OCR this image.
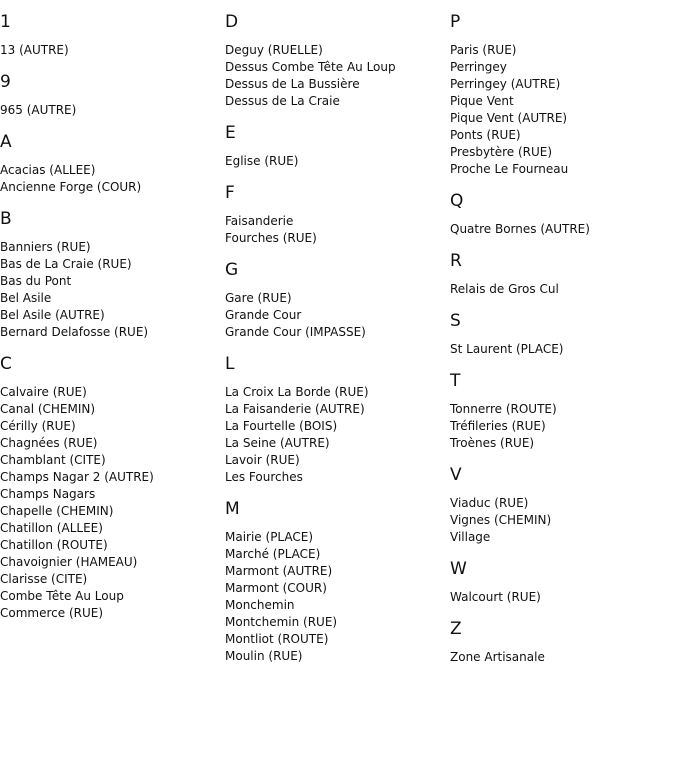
1
13 (AUTRE)
9
965 (AUTRE)
A
Acacias (ALLEE)
Ancienne Forge (COUR)
B
Banniers (RUE)
Bas de La Craie (RUE)
Bas du Pont
Bel Asile
Bel Asile (AUTRE)
Bernard Delafosse (RUE)
C
Calvaire (RUE)
Canal (CHEMIN)
Cérilly (RUE)
Chagnées (RUE)
Chamblant (CITE)
Champs Nagar 2 (AUTRE)
Champs Nagars
Chapelle (CHEMIN)
Chatillon (ALLEE)
Chatillon (ROUTE)
Chavoignier (HAMEAU)
Clarisse (CITE)
Combe Tête Au Loup
Commerce (RUE)
D
Deguy (RUELLE)
Dessus Combe Tête Au Loup
Dessus de La Bussière
Dessus de La Craie
E
Eglise (RUE)
F
Faisanderie
Fourches (RUE)
G
Gare (RUE)
Grande Cour
Grande Cour (IMPASSE)
L
La Croix La Borde (RUE)
La Faisanderie (AUTRE)
La Fourtelle (BOIS)
La Seine (AUTRE)
Lavoir (RUE)
Les Fourches
M
Mairie (PLACE)
Marché (PLACE)
Marmont (AUTRE)
Marmont (COUR)
Monchemin
Montchemin (RUE)
Montliot (ROUTE)
Moulin (RUE)
P
Paris (RUE)
Perringey
Perringey (AUTRE)
Pique Vent
Pique Vent (AUTRE)
Ponts (RUE)
Presbytère (RUE)
Proche Le Fourneau
Q
Quatre Bornes (AUTRE)
R
Relais de Gros Cul
S
St Laurent (PLACE)
T
Tonnerre (ROUTE)
Tréfileries (RUE)
Troènes (RUE)
V
Viaduc (RUE)
Vignes (CHEMIN)
Village
W
Walcourt (RUE)
Z
Zone Artisanale
